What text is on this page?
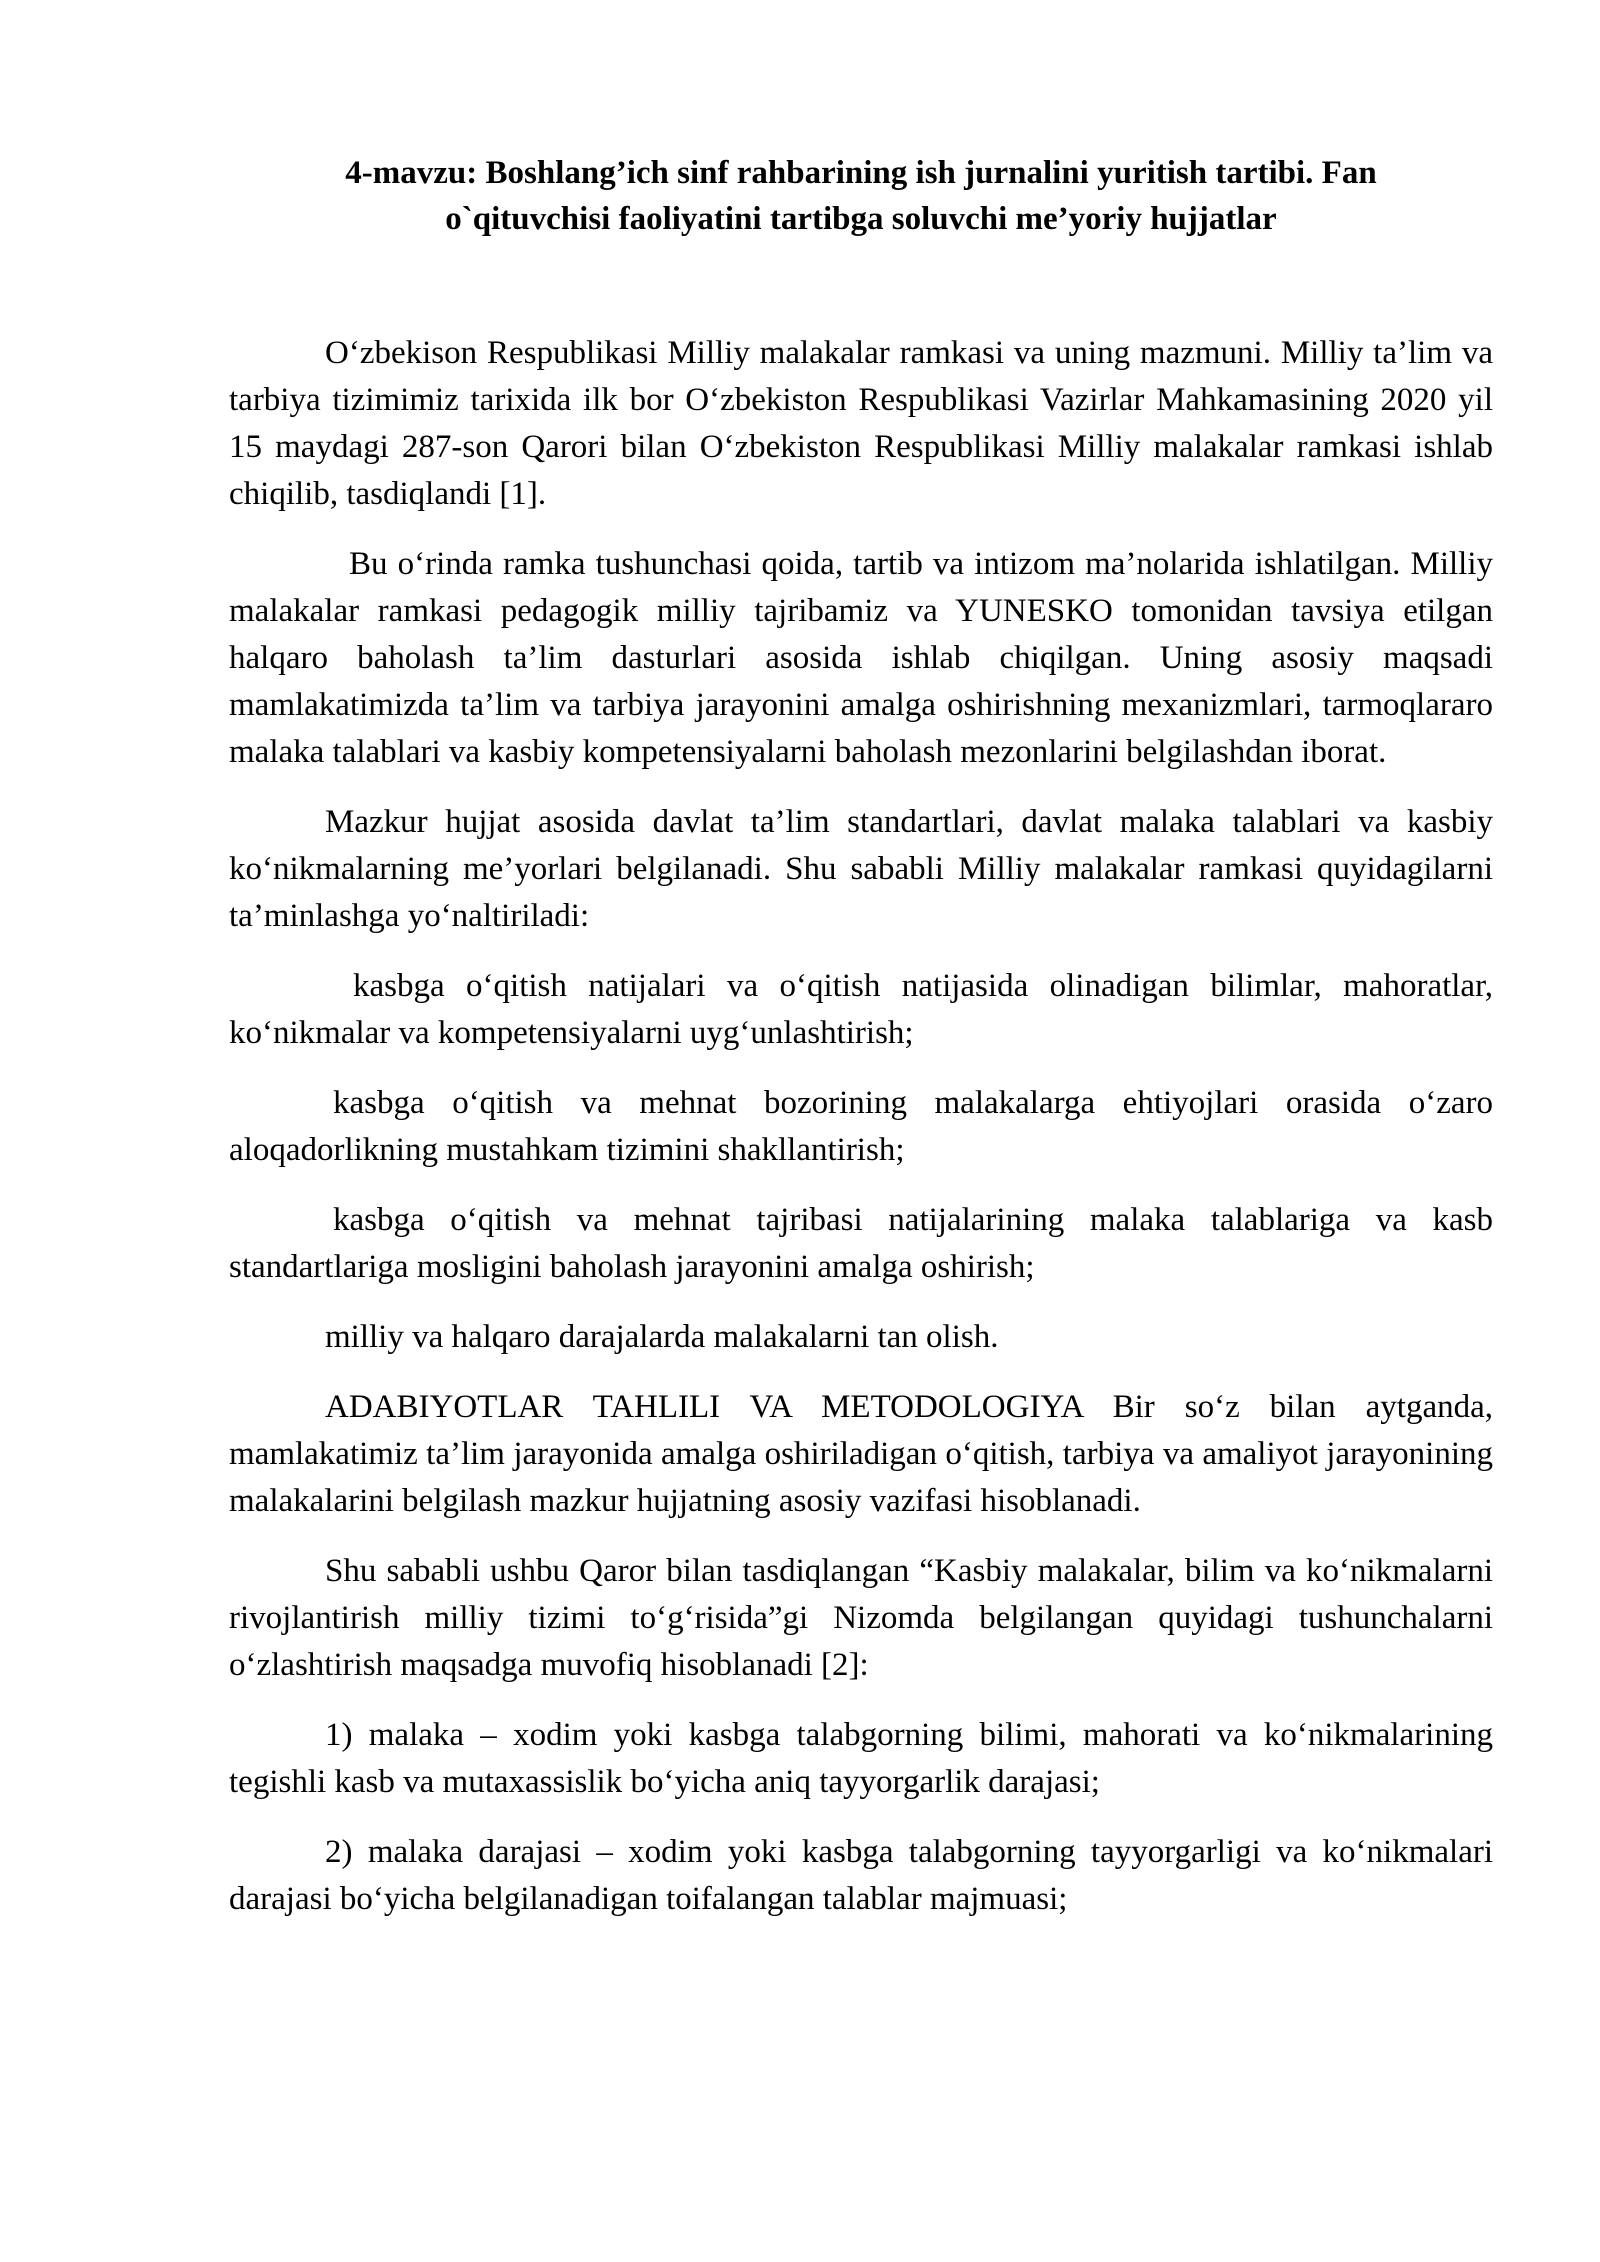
4-mavzu: Boshlang’ich sinf rahbarining ish jurnalini yuritish tartibi. Fan
o`qituvchisi faoliyatini tartibga soluvchi me’yoriy hujjatlar

O‘zbekison Respublikasi Milliy malakalar ramkasi va uning mazmuni. Milliy ta’lim va tarbiya tizimimiz tarixida ilk bor O‘zbekiston Respublikasi Vazirlar Mahkamasining 2020 yil 15 maydagi 287-son Qarori bilan O‘zbekiston Respublikasi Milliy malakalar ramkasi ishlab chiqilib, tasdiqlandi [1].

Bu o‘rinda ramka tushunchasi qoida, tartib va intizom ma’nolarida ishlatilgan. Milliy malakalar ramkasi pedagogik milliy tajribamiz va YUNESKO tomonidan tavsiya etilgan halqaro baholash ta’lim dasturlari asosida ishlab chiqilgan. Uning asosiy maqsadi mamlakatimizda ta’lim va tarbiya jarayonini amalga oshirishning mexanizmlari, tarmoqlararo malaka talablari va kasbiy kompetensiyalarni baholash mezonlarini belgilashdan iborat.

Mazkur hujjat asosida davlat ta’lim standartlari, davlat malaka talablari va kasbiy ko‘nikmalarning me’yorlari belgilanadi. Shu sababli Milliy malakalar ramkasi quyidagilarni ta’minlashga yo‘naltiriladi:

kasbga o‘qitish natijalari va o‘qitish natijasida olinadigan bilimlar, mahoratlar, ko‘nikmalar va kompetensiyalarni uyg‘unlashtirish;

kasbga o‘qitish va mehnat bozorining malakalarga ehtiyojlari orasida o‘zaro aloqadorlikning mustahkam tizimini shakllantirish;

kasbga o‘qitish va mehnat tajribasi natijalarining malaka talablariga va kasb standartlariga mosligini baholash jarayonini amalga oshirish;

milliy va halqaro darajalarda malakalarni tan olish.

ADABIYOTLAR TAHLILI VA METODOLOGIYA Bir so‘z bilan aytganda, mamlakatimiz ta’lim jarayonida amalga oshiriladigan o‘qitish, tarbiya va amaliyot jarayonining malakalarini belgilash mazkur hujjatning asosiy vazifasi hisoblanadi.

Shu sababli ushbu Qaror bilan tasdiqlangan “Kasbiy malakalar, bilim va ko‘nikmalarni rivojlantirish milliy tizimi to‘g‘risida”gi Nizomda belgilangan quyidagi tushunchalarni o‘zlashtirish maqsadga muvofiq hisoblanadi [2]:

1) malaka – xodim yoki kasbga talabgorning bilimi, mahorati va ko‘nikmalarining tegishli kasb va mutaxassislik bo‘yicha aniq tayyorgarlik darajasi;

2) malaka darajasi – xodim yoki kasbga talabgorning tayyorgarligi va ko‘nikmalari darajasi bo‘yicha belgilanadigan toifalangan talablar majmuasi;
